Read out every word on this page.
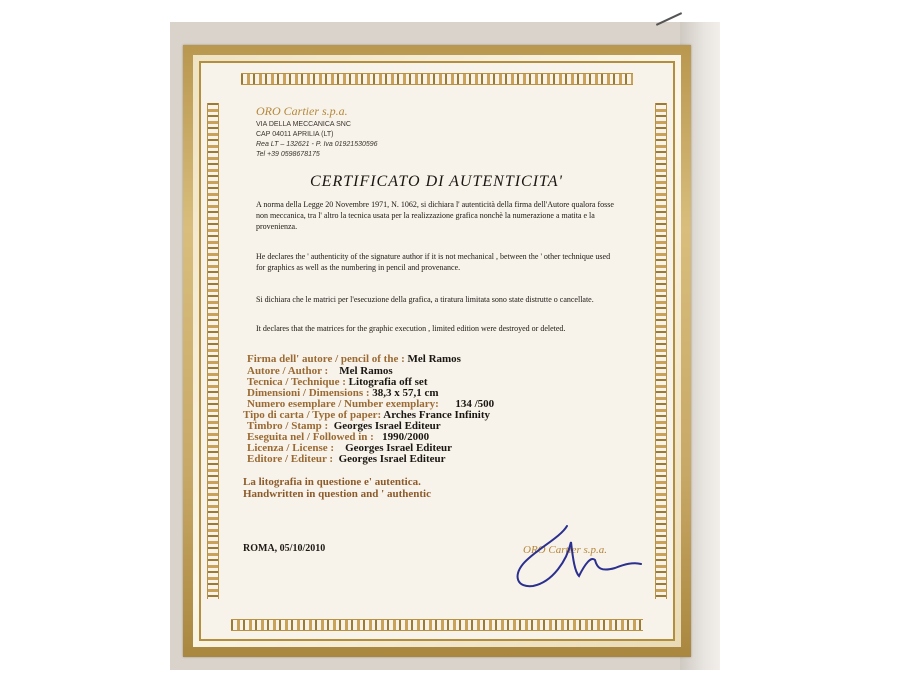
ORO Cartier s.p.a.
VIA DELLA MECCANICA SNC
CAP 04011 APRILIA (LT)
Rea LT – 132621 - P. Iva 01921530596
Tel +39 0598678175
CERTIFICATO DI AUTENTICITA'
A norma della Legge 20 Novembre 1971, N. 1062, si dichiara l' autenticità della firma dell'Autore qualora fosse non meccanica, tra l' altro la tecnica usata per la realizzazione grafica nonchè la numerazione a matita e la provenienza.
He declares the ' authenticity of the signature author if it is not mechanical , between the ' other technique used for graphics as well as the numbering in pencil and provenance.
Si dichiara che le matrici per l'esecuzione della grafica, a tiratura limitata sono state distrutte o cancellate.
It declares that the matrices for the graphic execution , limited edition were destroyed or deleted.
Firma dell' autore / pencil of the : Mel Ramos
Autore / Author : Mel Ramos
Tecnica / Technique : Litografia off set
Dimensioni / Dimensions : 38,3 x 57,1 cm
Numero esemplare / Number exemplary: 134 /500
Tipo di carta / Type of paper: Arches France Infinity
Timbro / Stamp : Georges Israel Editeur
Eseguita nel / Followed in : 1990/2000
Licenza / License : Georges Israel Editeur
Editore / Editeur : Georges Israel Editeur
La litografia in questione e' autentica.
Handwritten in question and ' authentic
ROMA, 05/10/2010	ORO Cartier s.p.a.
